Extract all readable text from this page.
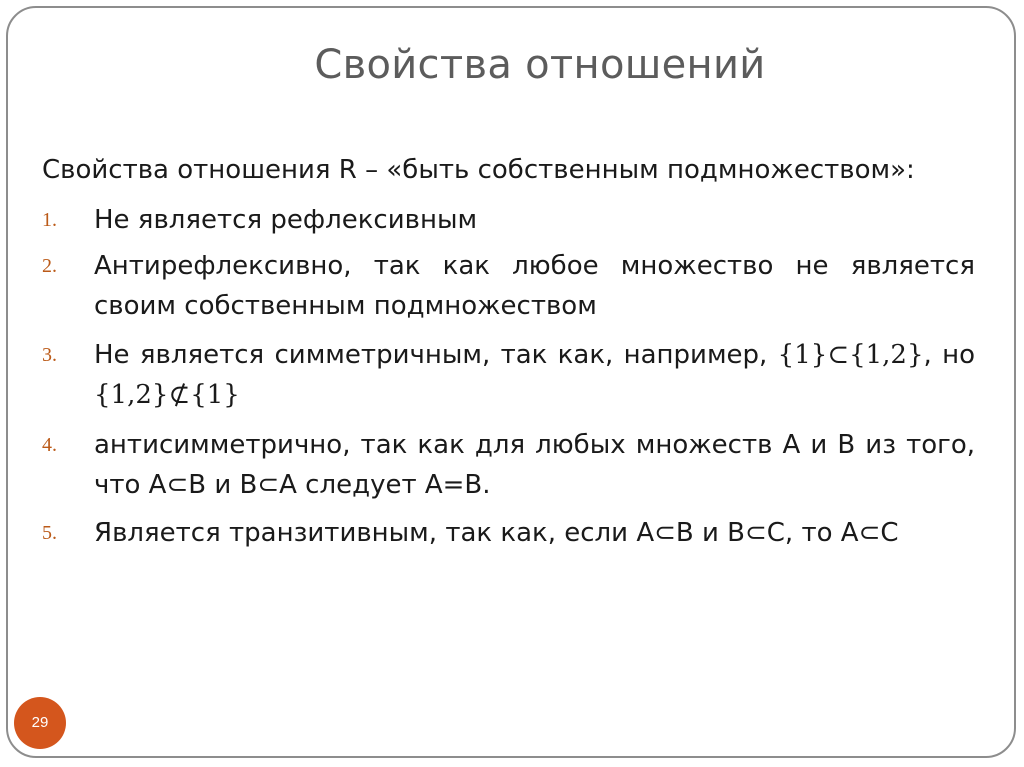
Свойства отношений
Свойства отношения R – «быть собственным подмножеством»:
1. Не является рефлексивным
2. Антирефлексивно, так как любое множество не является своим собственным подмножеством
3. Не является симметричным, так как, например, {1}⊂{1,2}, но {1,2}⊄{1}
4. антисимметрично, так как для любых множеств A и B из того, что A⊂B и B⊂A следует A=B.
5. Является транзитивным, так как, если A⊂B и B⊂C, то A⊂C
29
